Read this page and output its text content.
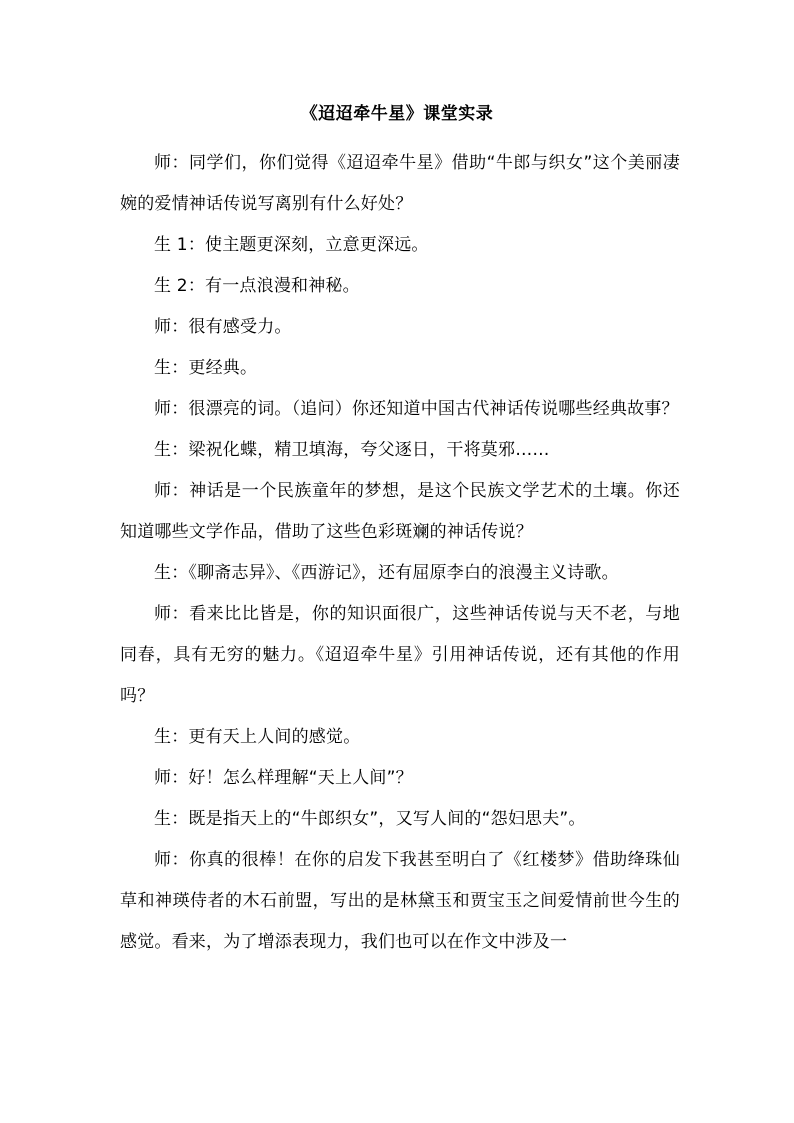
《迢迢牵牛星》课堂实录

师：同学们，你们觉得《迢迢牵牛星》借助“牛郎与织女”这个美丽凄婉的爱情神话传说写离别有什么好处？

生 1：使主题更深刻，立意更深远。

生 2：有一点浪漫和神秘。

师：很有感受力。

生：更经典。

师：很漂亮的词。（追问）你还知道中国古代神话传说哪些经典故事？

生：梁祝化蝶，精卫填海，夸父逐日，干将莫邪……

师：神话是一个民族童年的梦想，是这个民族文学艺术的土壤。你还知道哪些文学作品，借助了这些色彩斑斓的神话传说？

生：《聊斋志异》、《西游记》，还有屈原李白的浪漫主义诗歌。

师：看来比比皆是，你的知识面很广，这些神话传说与天不老，与地同春，具有无穷的魅力。《迢迢牵牛星》引用神话传说，还有其他的作用吗？

生：更有天上人间的感觉。

师：好！怎么样理解“天上人间”？

生：既是指天上的“牛郎织女”，又写人间的“怨妇思夫”。

师：你真的很棒！在你的启发下我甚至明白了《红楼梦》借助绛珠仙草和神瑛侍者的木石前盟，写出的是林黛玉和贾宝玉之间爱情前世今生的感觉。看来，为了增添表现力，我们也可以在作文中涉及一
